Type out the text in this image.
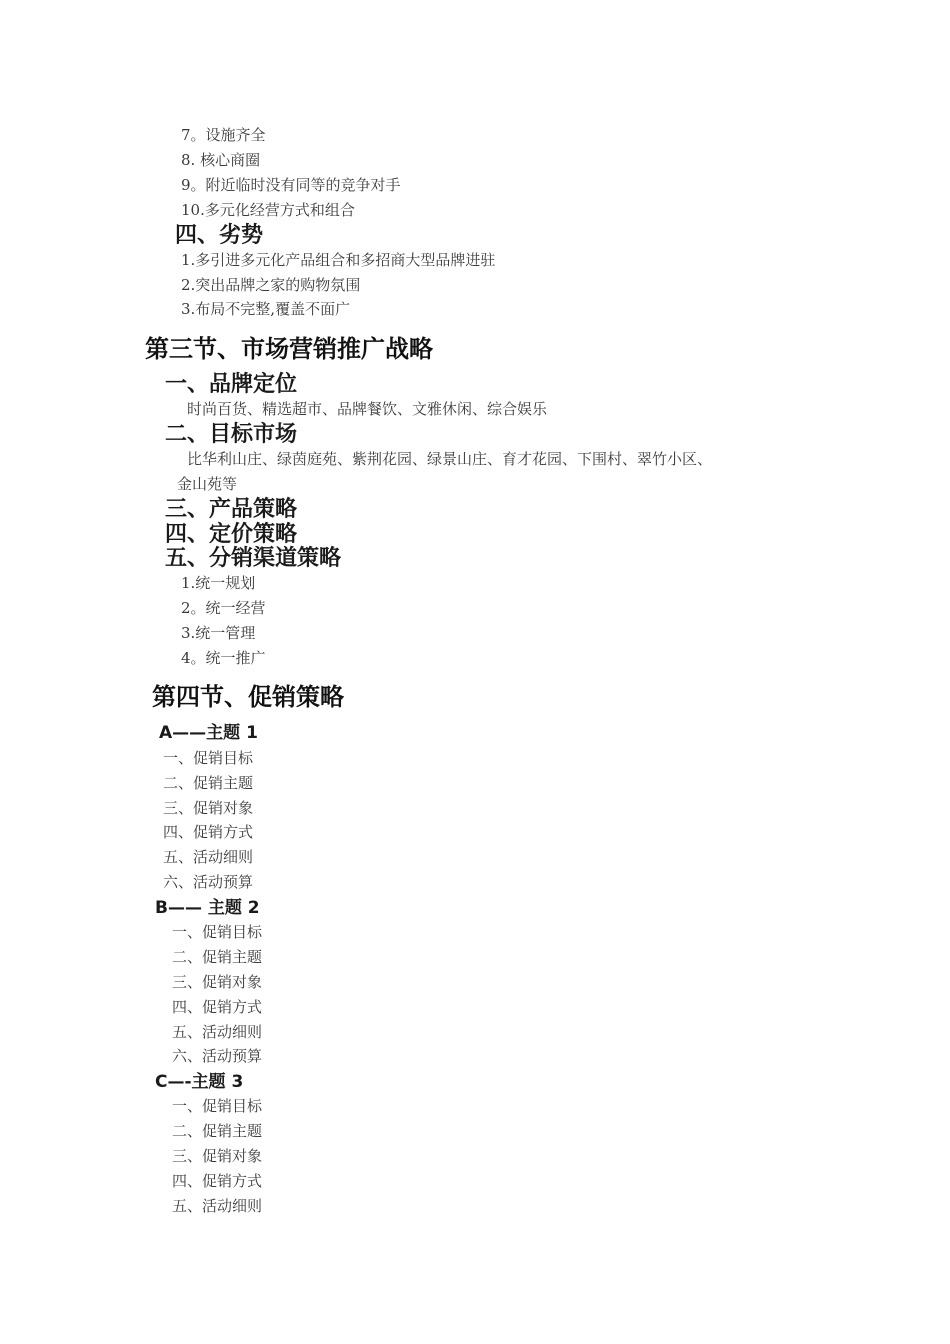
7。设施齐全
8. 核心商圈
9。附近临时没有同等的竞争对手
10.多元化经营方式和组合
四、劣势
1.多引进多元化产品组合和多招商大型品牌进驻
2.突出品牌之家的购物氛围
3.布局不完整,覆盖不面广
第三节、市场营销推广战略
一、品牌定位
时尚百货、精选超市、品牌餐饮、文雅休闲、综合娱乐
二、目标市场
比华利山庄、绿茵庭苑、紫荆花园、绿景山庄、育才花园、下围村、翠竹小区、
金山苑等
三、产品策略
四、定价策略
五、分销渠道策略
1.统一规划
2。统一经营
3.统一管理
4。统一推广
第四节、促销策略
A——主题 1
一、促销目标
二、促销主题
三、促销对象
四、促销方式
五、活动细则
六、活动预算
B—— 主题 2
一、促销目标
二、促销主题
三、促销对象
四、促销方式
五、活动细则
六、活动预算
C—-主题 3
一、促销目标
二、促销主题
三、促销对象
四、促销方式
五、活动细则
